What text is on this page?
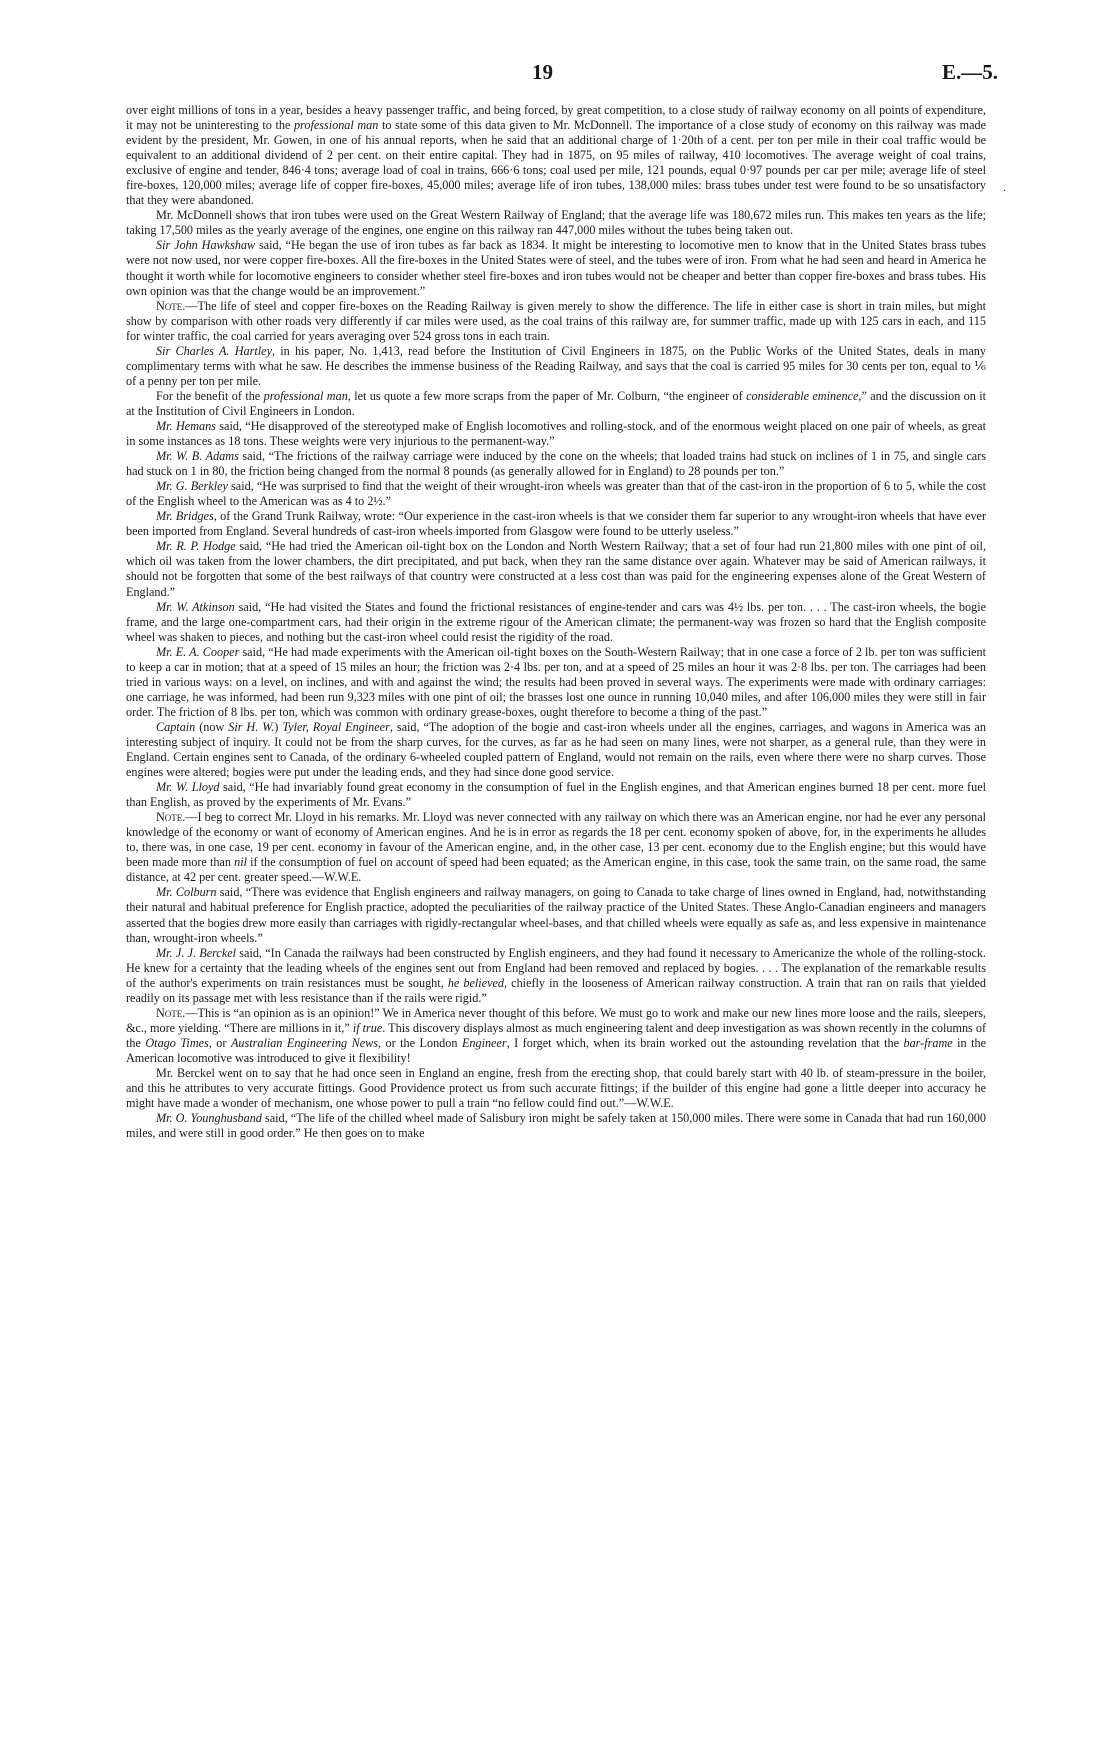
19	E.—5.

over eight millions of tons in a year, besides a heavy passenger traffic, and being forced, by great competition, to a close study of railway economy on all points of expenditure, it may not be uninteresting to the professional man to state some of this data given to Mr. McDonnell. The importance of a close study of economy on this railway was made evident by the president, Mr. Gowen, in one of his annual reports, when he said that an additional charge of 1·20th of a cent. per ton per mile in their coal traffic would be equivalent to an additional dividend of 2 per cent. on their entire capital. They had in 1875, on 95 miles of railway, 410 locomotives. The average weight of coal trains, exclusive of engine and tender, 846·4 tons; average load of coal in trains, 666·6 tons; coal used per mile, 121 pounds, equal 0·97 pounds per car per mile; average life of steel fire-boxes, 120,000 miles; average life of copper fire-boxes, 45,000 miles; average life of iron tubes, 138,000 miles: brass tubes under test were found to be so unsatisfactory that they were abandoned.

Mr. McDonnell shows that iron tubes were used on the Great Western Railway of England; that the average life was 180,672 miles run. This makes ten years as the life; taking 17,500 miles as the yearly average of the engines, one engine on this railway ran 447,000 miles without the tubes being taken out.

Sir John Hawkshaw said, “He began the use of iron tubes as far back as 1834. It might be interesting to locomotive men to know that in the United States brass tubes were not now used, nor were copper fire-boxes. All the fire-boxes in the United States were of steel, and the tubes were of iron. From what he had seen and heard in America he thought it worth while for locomotive engineers to consider whether steel fire-boxes and iron tubes would not be cheaper and better than copper fire-boxes and brass tubes. His own opinion was that the change would be an improvement.”

Note.—The life of steel and copper fire-boxes on the Reading Railway is given merely to show the difference. The life in either case is short in train miles, but might show by comparison with other roads very differently if car miles were used, as the coal trains of this railway are, for summer traffic, made up with 125 cars in each, and 115 for winter traffic, the coal carried for years averaging over 524 gross tons in each train.

Sir Charles A. Hartley, in his paper, No. 1,413, read before the Institution of Civil Engineers in 1875, on the Public Works of the United States, deals in many complimentary terms with what he saw. He describes the immense business of the Reading Railway, and says that the coal is carried 95 miles for 30 cents per ton, equal to ⅙ of a penny per ton per mile.

For the benefit of the professional man, let us quote a few more scraps from the paper of Mr. Colburn, “the engineer of considerable eminence,” and the discussion on it at the Institution of Civil Engineers in London.

Mr. Hemans said, “He disapproved of the stereotyped make of English locomotives and rolling-stock, and of the enormous weight placed on one pair of wheels, as great in some instances as 18 tons. These weights were very injurious to the permanent-way.”

Mr. W. B. Adams said, “The frictions of the railway carriage were induced by the cone on the wheels; that loaded trains had stuck on inclines of 1 in 75, and single cars had stuck on 1 in 80, the friction being changed from the normal 8 pounds (as generally allowed for in England) to 28 pounds per ton.”

Mr. G. Berkley said, “He was surprised to find that the weight of their wrought-iron wheels was greater than that of the cast-iron in the proportion of 6 to 5, while the cost of the English wheel to the American was as 4 to 2½.”

Mr. Bridges, of the Grand Trunk Railway, wrote: “Our experience in the cast-iron wheels is that we consider them far superior to any wrought-iron wheels that have ever been imported from England. Several hundreds of cast-iron wheels imported from Glasgow were found to be utterly useless.”

Mr. R. P. Hodge said, “He had tried the American oil-tight box on the London and North Western Railway; that a set of four had run 21,800 miles with one pint of oil, which oil was taken from the lower chambers, the dirt precipitated, and put back, when they ran the same distance over again. Whatever may be said of American railways, it should not be forgotten that some of the best railways of that country were constructed at a less cost than was paid for the engineering expenses alone of the Great Western of England.”

Mr. W. Atkinson said, “He had visited the States and found the frictional resistances of engine-tender and cars was 4½ lbs. per ton. . . . The cast-iron wheels, the bogie frame, and the large one-compartment cars, had their origin in the extreme rigour of the American climate; the permanent-way was frozen so hard that the English composite wheel was shaken to pieces, and nothing but the cast-iron wheel could resist the rigidity of the road.

Mr. E. A. Cooper said, “He had made experiments with the American oil-tight boxes on the South-Western Railway; that in one case a force of 2 lb. per ton was sufficient to keep a car in motion; that at a speed of 15 miles an hour; the friction was 2·4 lbs. per ton, and at a speed of 25 miles an hour it was 2·8 lbs. per ton. The carriages had been tried in various ways: on a level, on inclines, and with and against the wind; the results had been proved in several ways. The experiments were made with ordinary carriages: one carriage, he was informed, had been run 9,323 miles with one pint of oil; the brasses lost one ounce in running 10,040 miles, and after 106,000 miles they were still in fair order. The friction of 8 lbs. per ton, which was common with ordinary grease-boxes, ought therefore to become a thing of the past.”

Captain (now Sir H. W.) Tyler, Royal Engineer, said, “The adoption of the bogie and cast-iron wheels under all the engines, carriages, and wagons in America was an interesting subject of inquiry. It could not be from the sharp curves, for the curves, as far as he had seen on many lines, were not sharper, as a general rule, than they were in England. Certain engines sent to Canada, of the ordinary 6-wheeled coupled pattern of England, would not remain on the rails, even where there were no sharp curves. Those engines were altered; bogies were put under the leading ends, and they had since done good service.

Mr. W. Lloyd said, “He had invariably found great economy in the consumption of fuel in the English engines, and that American engines burned 18 per cent. more fuel than English, as proved by the experiments of Mr. Evans.”

Note.—I beg to correct Mr. Lloyd in his remarks. Mr. Lloyd was never connected with any railway on which there was an American engine, nor had he ever any personal knowledge of the economy or want of economy of American engines. And he is in error as regards the 18 per cent. economy spoken of above, for, in the experiments he alludes to, there was, in one case, 19 per cent. economy in favour of the American engine, and, in the other case, 13 per cent. economy due to the English engine; but this would have been made more than nil if the consumption of fuel on account of speed had been equated; as the American engine, in this case, took the same train, on the same road, the same distance, at 42 per cent. greater speed.—W.W.E.

Mr. Colburn said, “There was evidence that English engineers and railway managers, on going to Canada to take charge of lines owned in England, had, notwithstanding their natural and habitual preference for English practice, adopted the peculiarities of the railway practice of the United States. These Anglo-Canadian engineers and managers asserted that the bogies drew more easily than carriages with rigidly-rectangular wheel-bases, and that chilled wheels were equally as safe as, and less expensive in maintenance than, wrought-iron wheels.”

Mr. J. J. Berckel said, “In Canada the railways had been constructed by English engineers, and they had found it necessary to Americanize the whole of the rolling-stock. He knew for a certainty that the leading wheels of the engines sent out from England had been removed and replaced by bogies. . . . The explanation of the remarkable results of the author's experiments on train resistances must be sought, he believed, chiefly in the looseness of American railway construction. A train that ran on rails that yielded readily on its passage met with less resistance than if the rails were rigid.”

Note.—This is “an opinion as is an opinion!” We in America never thought of this before. We must go to work and make our new lines more loose and the rails, sleepers, &c., more yielding. “There are millions in it,” if true. This discovery displays almost as much engineering talent and deep investigation as was shown recently in the columns of the Otago Times, or Australian Engineering News, or the London Engineer, I forget which, when its brain worked out the astounding revelation that the bar-frame in the American locomotive was introduced to give it flexibility!

Mr. Berckel went on to say that he had once seen in England an engine, fresh from the erecting shop, that could barely start with 40 lb. of steam-pressure in the boiler, and this he attributes to very accurate fittings. Good Providence protect us from such accurate fittings; if the builder of this engine had gone a little deeper into accuracy he might have made a wonder of mechanism, one whose power to pull a train “no fellow could find out.”—W.W.E.

Mr. O. Younghusband said, “The life of the chilled wheel made of Salisbury iron might be safely taken at 150,000 miles. There were some in Canada that had run 160,000 miles, and were still in good order.” He then goes on to make

.
